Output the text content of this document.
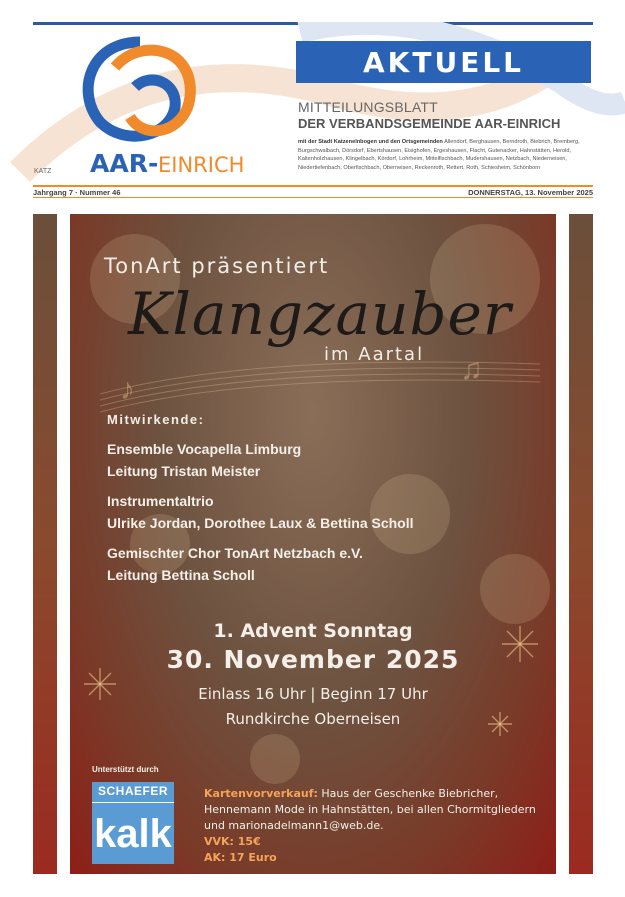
AAR- EINRICH
KATZ
AKTUELL
MITTEILUNGSBLATT
DER VERBANDSGEMEINDE AAR-EINRICH
mit der Stadt Katzenelnbogen und den Ortsgemeinden Allendorf, Berghausen, Berndroth, Biebrich, Bremberg, Burgschwalbach, Dörsdorf, Ebertshausen, Eisighofen, Ergeshausen, Flacht, Gutenacker, Hahnstätten, Herold, Kaltenholzhausen, Klingelbach, Kördorf, Lohrheim, Mittelfischbach, Mudershausen, Netzbach, Niederneisen, Niedertiefenbach, Oberfischbach, Oberneisen, Reckenroth, Rettert, Roth, Schiesheim, Schönborn
Jahrgang 7 · Nummer 46	DONNERSTAG, 13. November 2025
♪
♫
TonArt präsentiert
Klangzauber
im Aartal
Mitwirkende:
Ensemble Vocapella Limburg
Leitung Tristan Meister
Instrumentaltrio
Ulrike Jordan, Dorothee Laux & Bettina Scholl
Gemischter Chor TonArt Netzbach e.V.
Leitung Bettina Scholl
1. Advent Sonntag
30. November 2025
Einlass 16 Uhr | Beginn 17 Uhr
Rundkirche Oberneisen
Unterstützt durch
SCHAEFER
kalk
Kartenvorverkauf: Haus der Geschenke Biebricher, Hennemann Mode in Hahnstätten, bei allen Chormitgliedern und marionadelmann1@web.de.
VVK: 15€
AK: 17 Euro
